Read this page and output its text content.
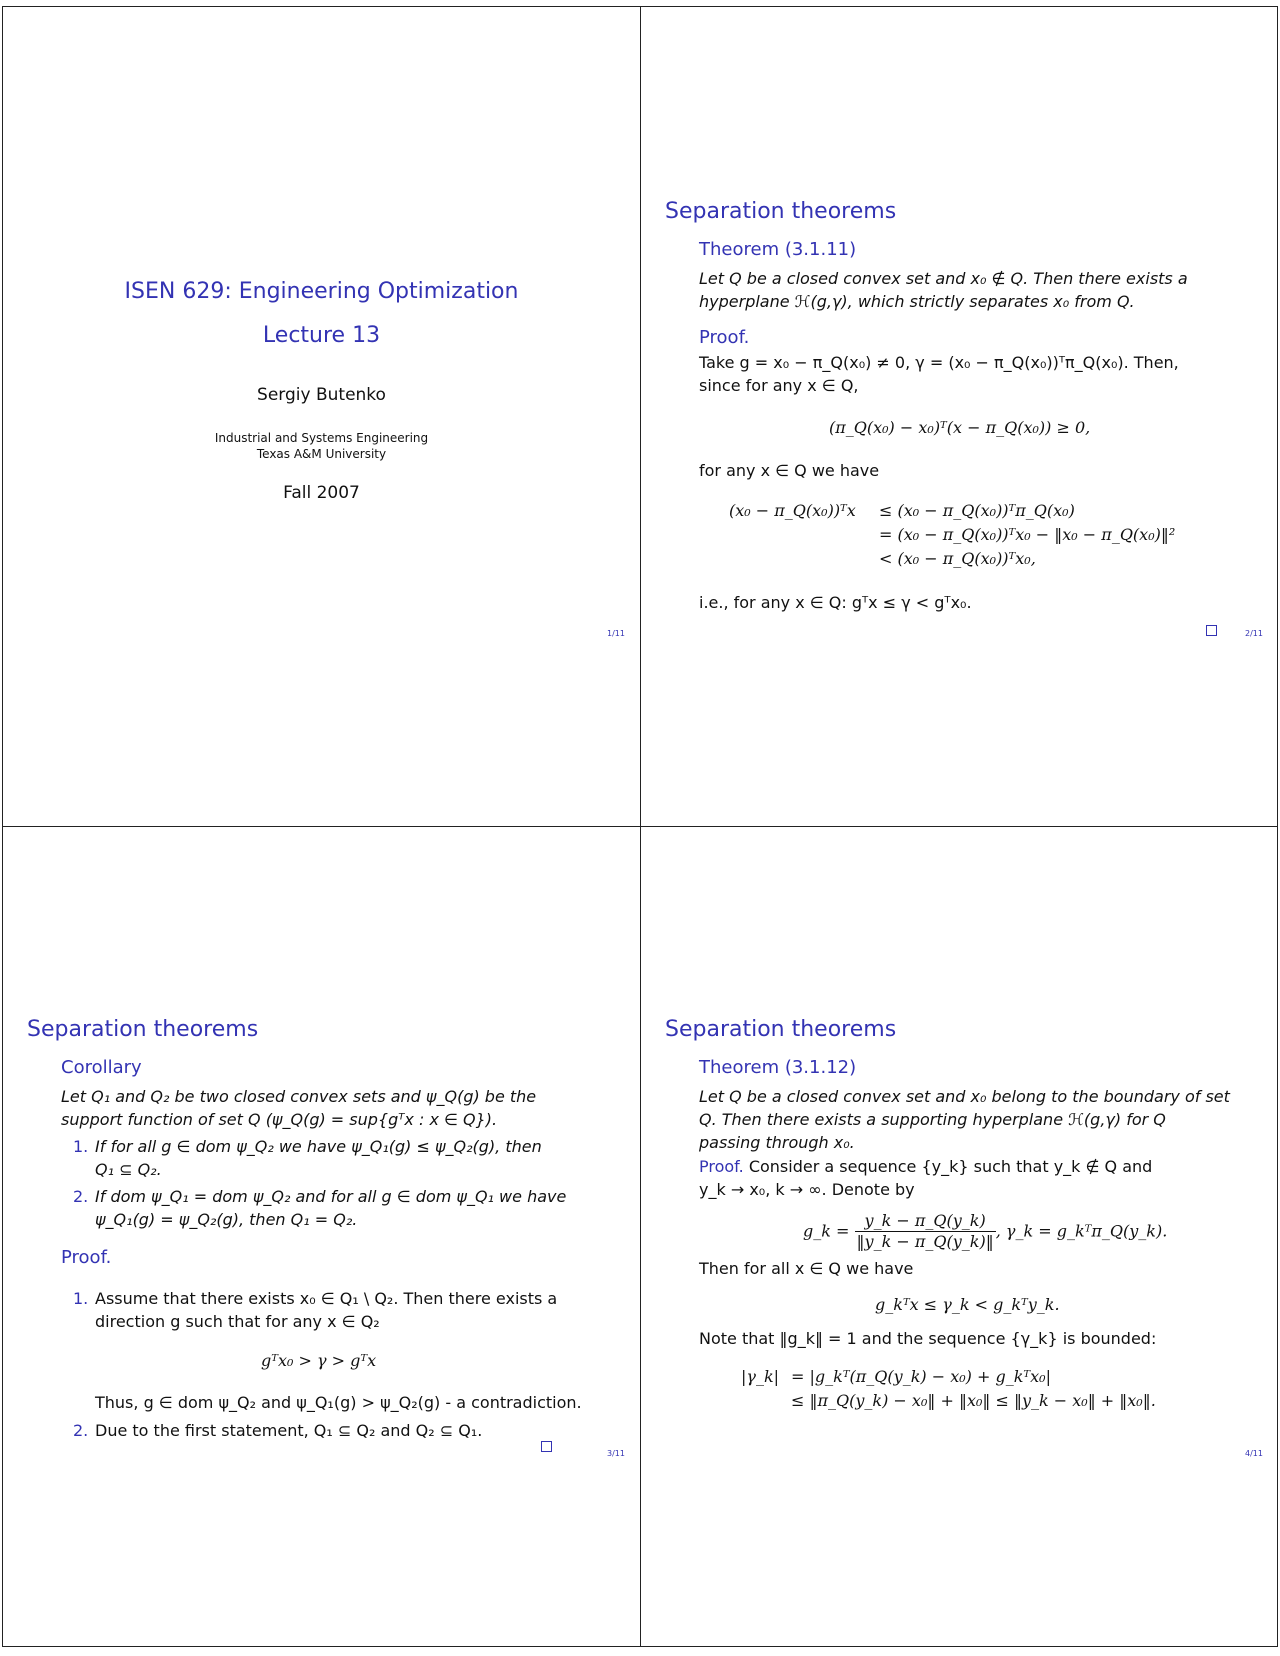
ISEN 629: Engineering Optimization
Lecture 13
Sergiy Butenko
Industrial and Systems Engineering
Texas A&M University
Fall 2007
1/11
Separation theorems
Theorem (3.1.11)
Let Q be a closed convex set and x₀ ∉ Q. Then there exists a
hyperplane ℋ(g,γ), which strictly separates x₀ from Q.
Proof.
Take g = x₀ − π_Q(x₀) ≠ 0, γ = (x₀ − π_Q(x₀))ᵀπ_Q(x₀). Then,
since for any x ∈ Q,
(π_Q(x₀) − x₀)ᵀ(x − π_Q(x₀)) ≥ 0,
for any x ∈ Q we have
(x₀ − π_Q(x₀))ᵀx ≤ (x₀ − π_Q(x₀))ᵀπ_Q(x₀)
= (x₀ − π_Q(x₀))ᵀx₀ − ‖x₀ − π_Q(x₀)‖²
< (x₀ − π_Q(x₀))ᵀx₀,
i.e., for any x ∈ Q: gᵀx ≤ γ < gᵀx₀.
2/11
Separation theorems
Corollary
Let Q₁ and Q₂ be two closed convex sets and ψ_Q(g) be the
support function of set Q (ψ_Q(g) = sup{gᵀx : x ∈ Q}).
1. If for all g ∈ dom ψ_Q₂ we have ψ_Q₁(g) ≤ ψ_Q₂(g), then
Q₁ ⊆ Q₂.
2. If dom ψ_Q₁ = dom ψ_Q₂ and for all g ∈ dom ψ_Q₁ we have
ψ_Q₁(g) = ψ_Q₂(g), then Q₁ = Q₂.
Proof.
1. Assume that there exists x₀ ∈ Q₁ \ Q₂. Then there exists a
direction g such that for any x ∈ Q₂
gᵀx₀ > γ > gᵀx
Thus, g ∈ dom ψ_Q₂ and ψ_Q₁(g) > ψ_Q₂(g) - a contradiction.
2. Due to the first statement, Q₁ ⊆ Q₂ and Q₂ ⊆ Q₁.
3/11
Separation theorems
Theorem (3.1.12)
Let Q be a closed convex set and x₀ belong to the boundary of set
Q. Then there exists a supporting hyperplane ℋ(g,γ) for Q
passing through x₀.
Proof. Consider a sequence {y_k} such that y_k ∉ Q and
y_k → x₀, k → ∞. Denote by
g_k = $\frac{y\_k - \pi\_Q(y\_k)}{‖y\_k - \pi\_Q(y\_k)‖}$ , γ_k = g_kᵀπ_Q(y_k).
Then for all x ∈ Q we have
g_kᵀx ≤ γ_k < g_kᵀy_k.
Note that ‖g_k‖ = 1 and the sequence {γ_k} is bounded:
|γ_k| = |g_kᵀ(π_Q(y_k) − x₀) + g_kᵀx₀|
≤ ‖π_Q(y_k) − x₀‖ + ‖x₀‖ ≤ ‖y_k − x₀‖ + ‖x₀‖.
4/11
